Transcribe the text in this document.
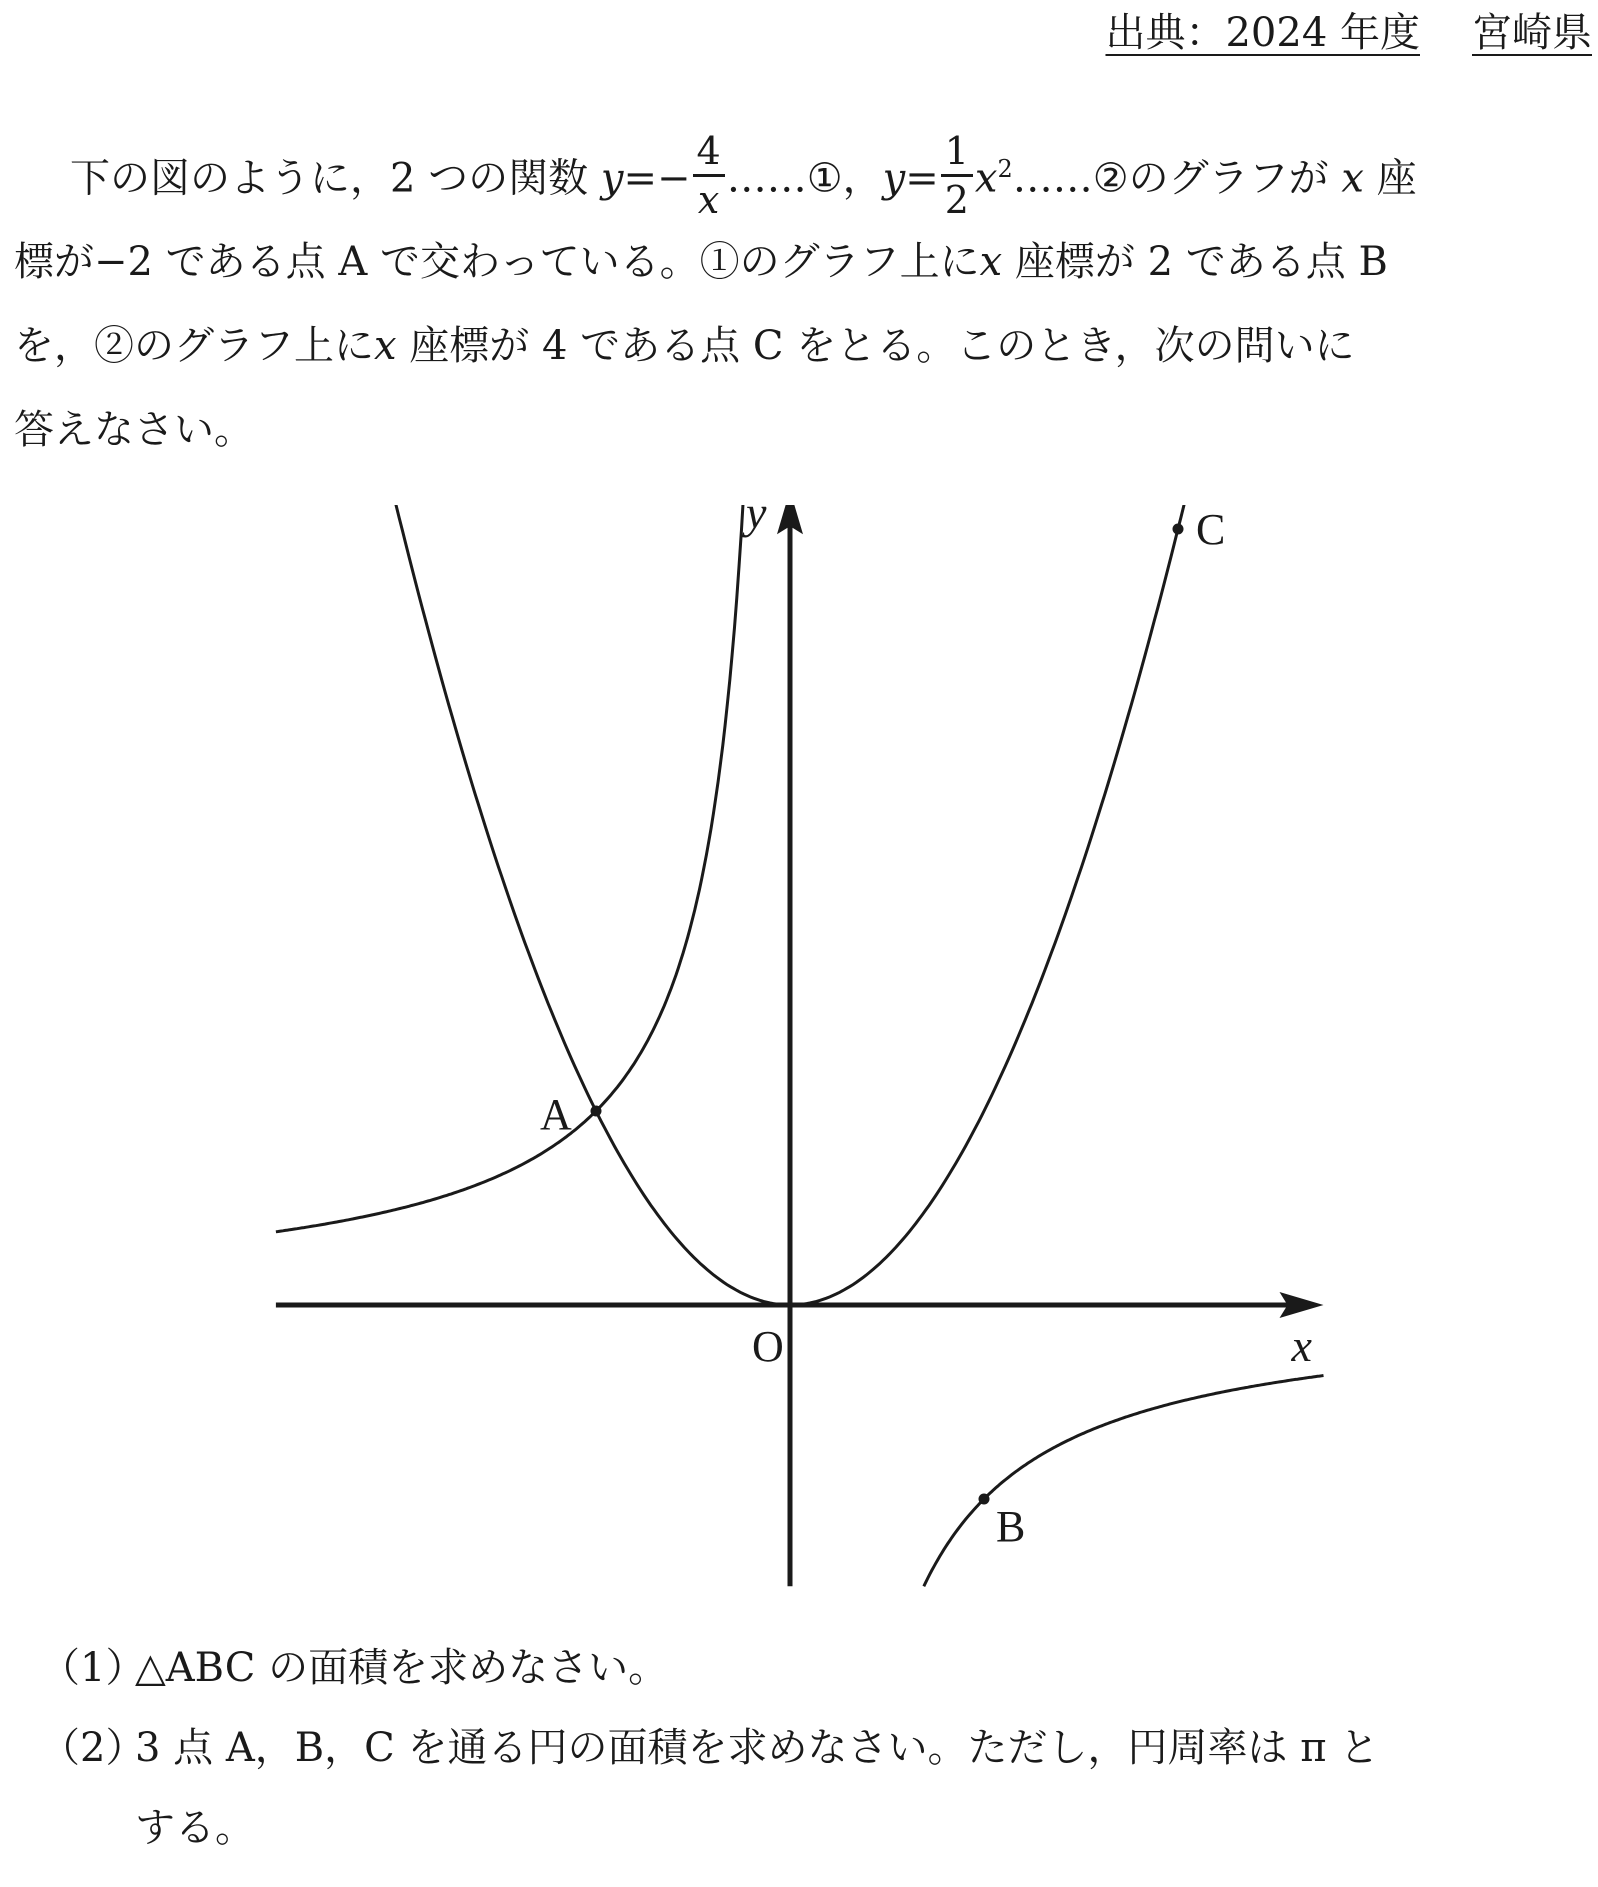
出典：2024 年度 宮崎県
下の図のように，2 つの関数 $y=- \frac{4}{x}$ ……①，$y= \frac{1}{2}$ $x^2\dots\dots ②$のグラフが x 座
標が−2 である点 A で交わっている。①のグラフ上にx 座標が 2 である点 B
を，②のグラフ上にx 座標が 4 である点 C をとる。このとき，次の問いに
答えなさい。
A
B
C
O	x
y
（1）△ABC の面積を求めなさい。
（2）3 点 A，B，C を通る円の面積を求めなさい。ただし，円周率は π と
する。
